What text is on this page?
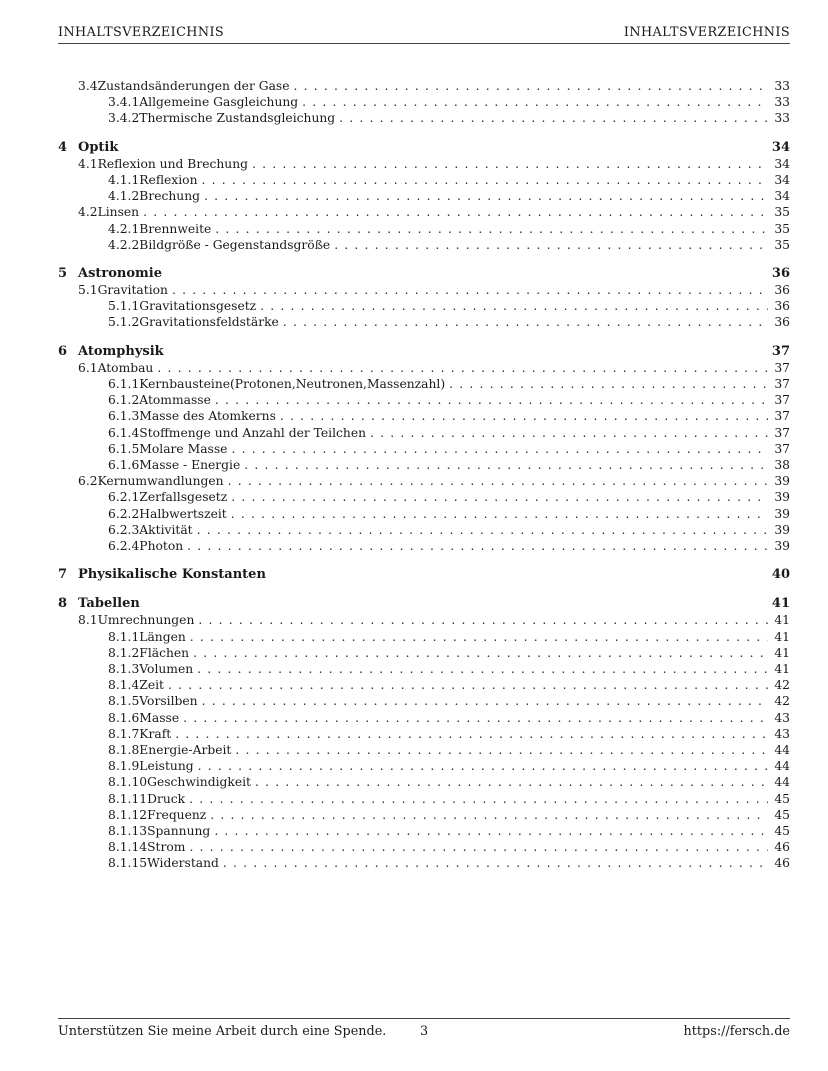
INHALTSVERZEICHNIS	INHALTSVERZEICHNIS
3.4 Zustandsänderungen der Gase . . .	33
3.4.1 Allgemeine Gasgleichung . . .	33
3.4.2 Thermische Zustandsgleichung . . .	33
4 Optik	34
4.1 Reflexion und Brechung . . .	34
4.1.1 Reflexion . . .	34
4.1.2 Brechung . . .	34
4.2 Linsen . . .	35
4.2.1 Brennweite . . .	35
4.2.2 Bildgröße - Gegenstandsgröße . . .	35
5 Astronomie	36
5.1 Gravitation . . .	36
5.1.1 Gravitationsgesetz . . .	36
5.1.2 Gravitationsfeldstärke . . .	36
6 Atomphysik	37
6.1 Atombau . . .	37
6.1.1 Kernbausteine(Protonen,Neutronen,Massenzahl) . . .	37
6.1.2 Atommasse . . .	37
6.1.3 Masse des Atomkerns . . .	37
6.1.4 Stoffmenge und Anzahl der Teilchen . . .	37
6.1.5 Molare Masse . . .	37
6.1.6 Masse - Energie . . .	38
6.2 Kernumwandlungen . . .	39
6.2.1 Zerfallsgesetz . . .	39
6.2.2 Halbwertszeit . . .	39
6.2.3 Aktivität . . .	39
6.2.4 Photon . . .	39
7 Physikalische Konstanten	40
8 Tabellen	41
8.1 Umrechnungen . . .	41
8.1.1 Längen . . .	41
8.1.2 Flächen . . .	41
8.1.3 Volumen . . .	41
8.1.4 Zeit . . .	42
8.1.5 Vorsilben . . .	42
8.1.6 Masse . . .	43
8.1.7 Kraft . . .	43
8.1.8 Energie-Arbeit . . .	44
8.1.9 Leistung . . .	44
8.1.10 Geschwindigkeit . . .	44
8.1.11 Druck . . .	45
8.1.12 Frequenz . . .	45
8.1.13 Spannung . . .	45
8.1.14 Strom . . .	46
8.1.15 Widerstand . . .	46
Unterstützen Sie meine Arbeit durch eine Spende.	3	https://fersch.de
